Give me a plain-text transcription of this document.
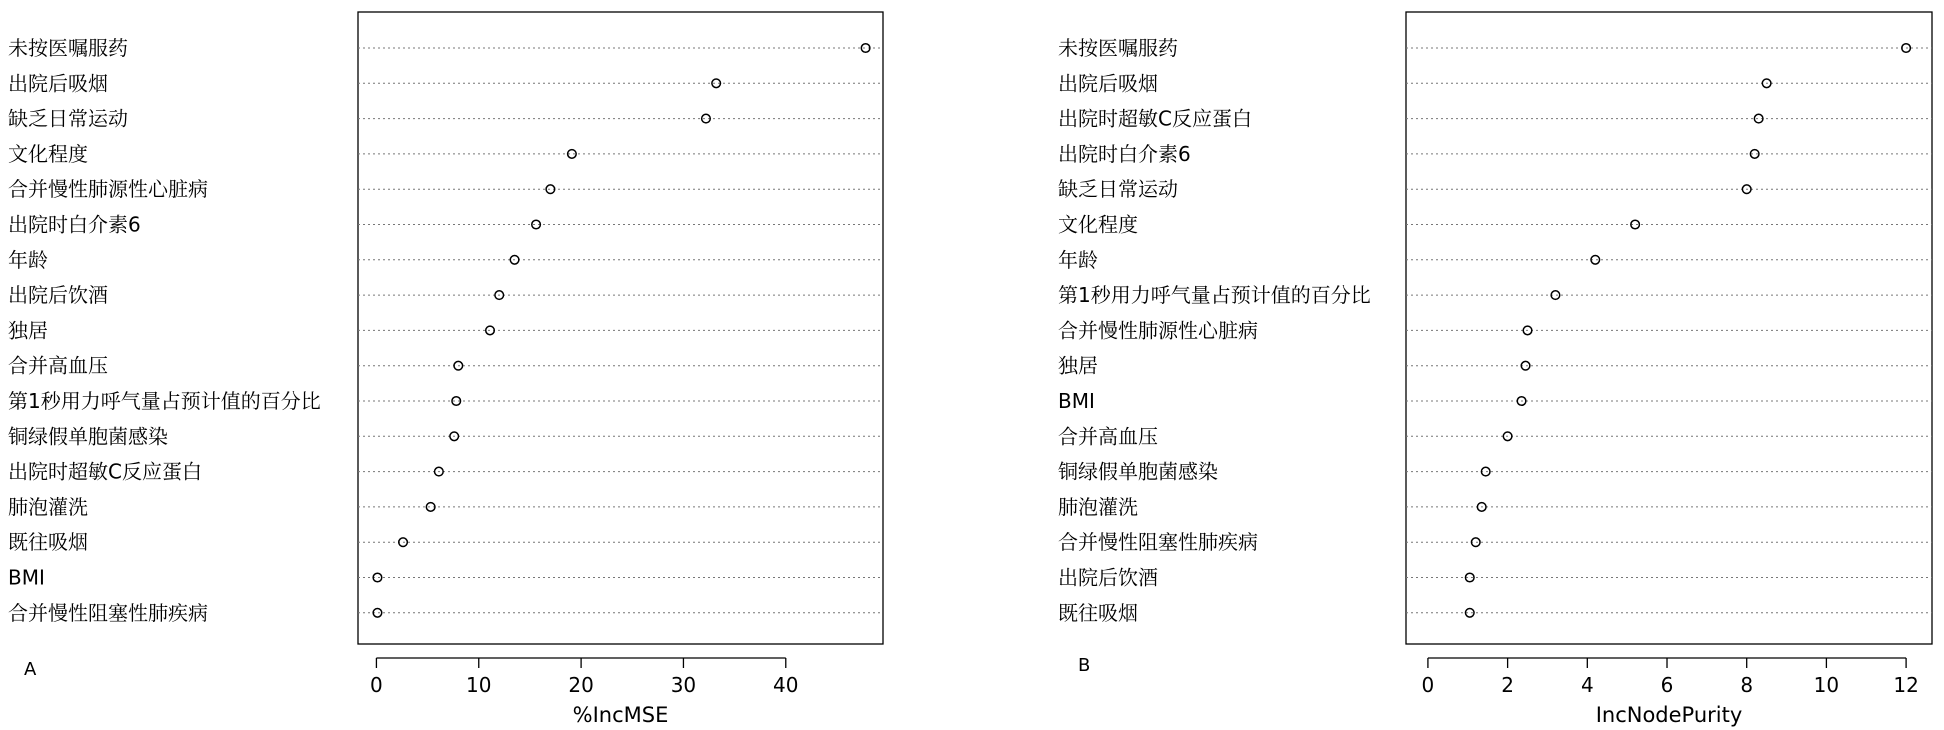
未按医嘱服药
出院后吸烟
缺乏日常运动
文化程度
合并慢性肺源性心脏病
出院时白介素6
年龄
出院后饮酒
独居
合并高血压
第1秒用力呼气量占预计值的百分比
铜绿假单胞菌感染
出院时超敏C反应蛋白
肺泡灌洗
既往吸烟
BMI
合并慢性阻塞性肺疾病
0	10	20	30	40
%IncMSE
A
未按医嘱服药
出院后吸烟
出院时超敏C反应蛋白
出院时白介素6
缺乏日常运动
文化程度
年龄
第1秒用力呼气量占预计值的百分比
合并慢性肺源性心脏病
独居
BMI
合并高血压
铜绿假单胞菌感染
肺泡灌洗
合并慢性阻塞性肺疾病
出院后饮酒
既往吸烟
0	2	4	6	8	10	12
IncNodePurity
B
